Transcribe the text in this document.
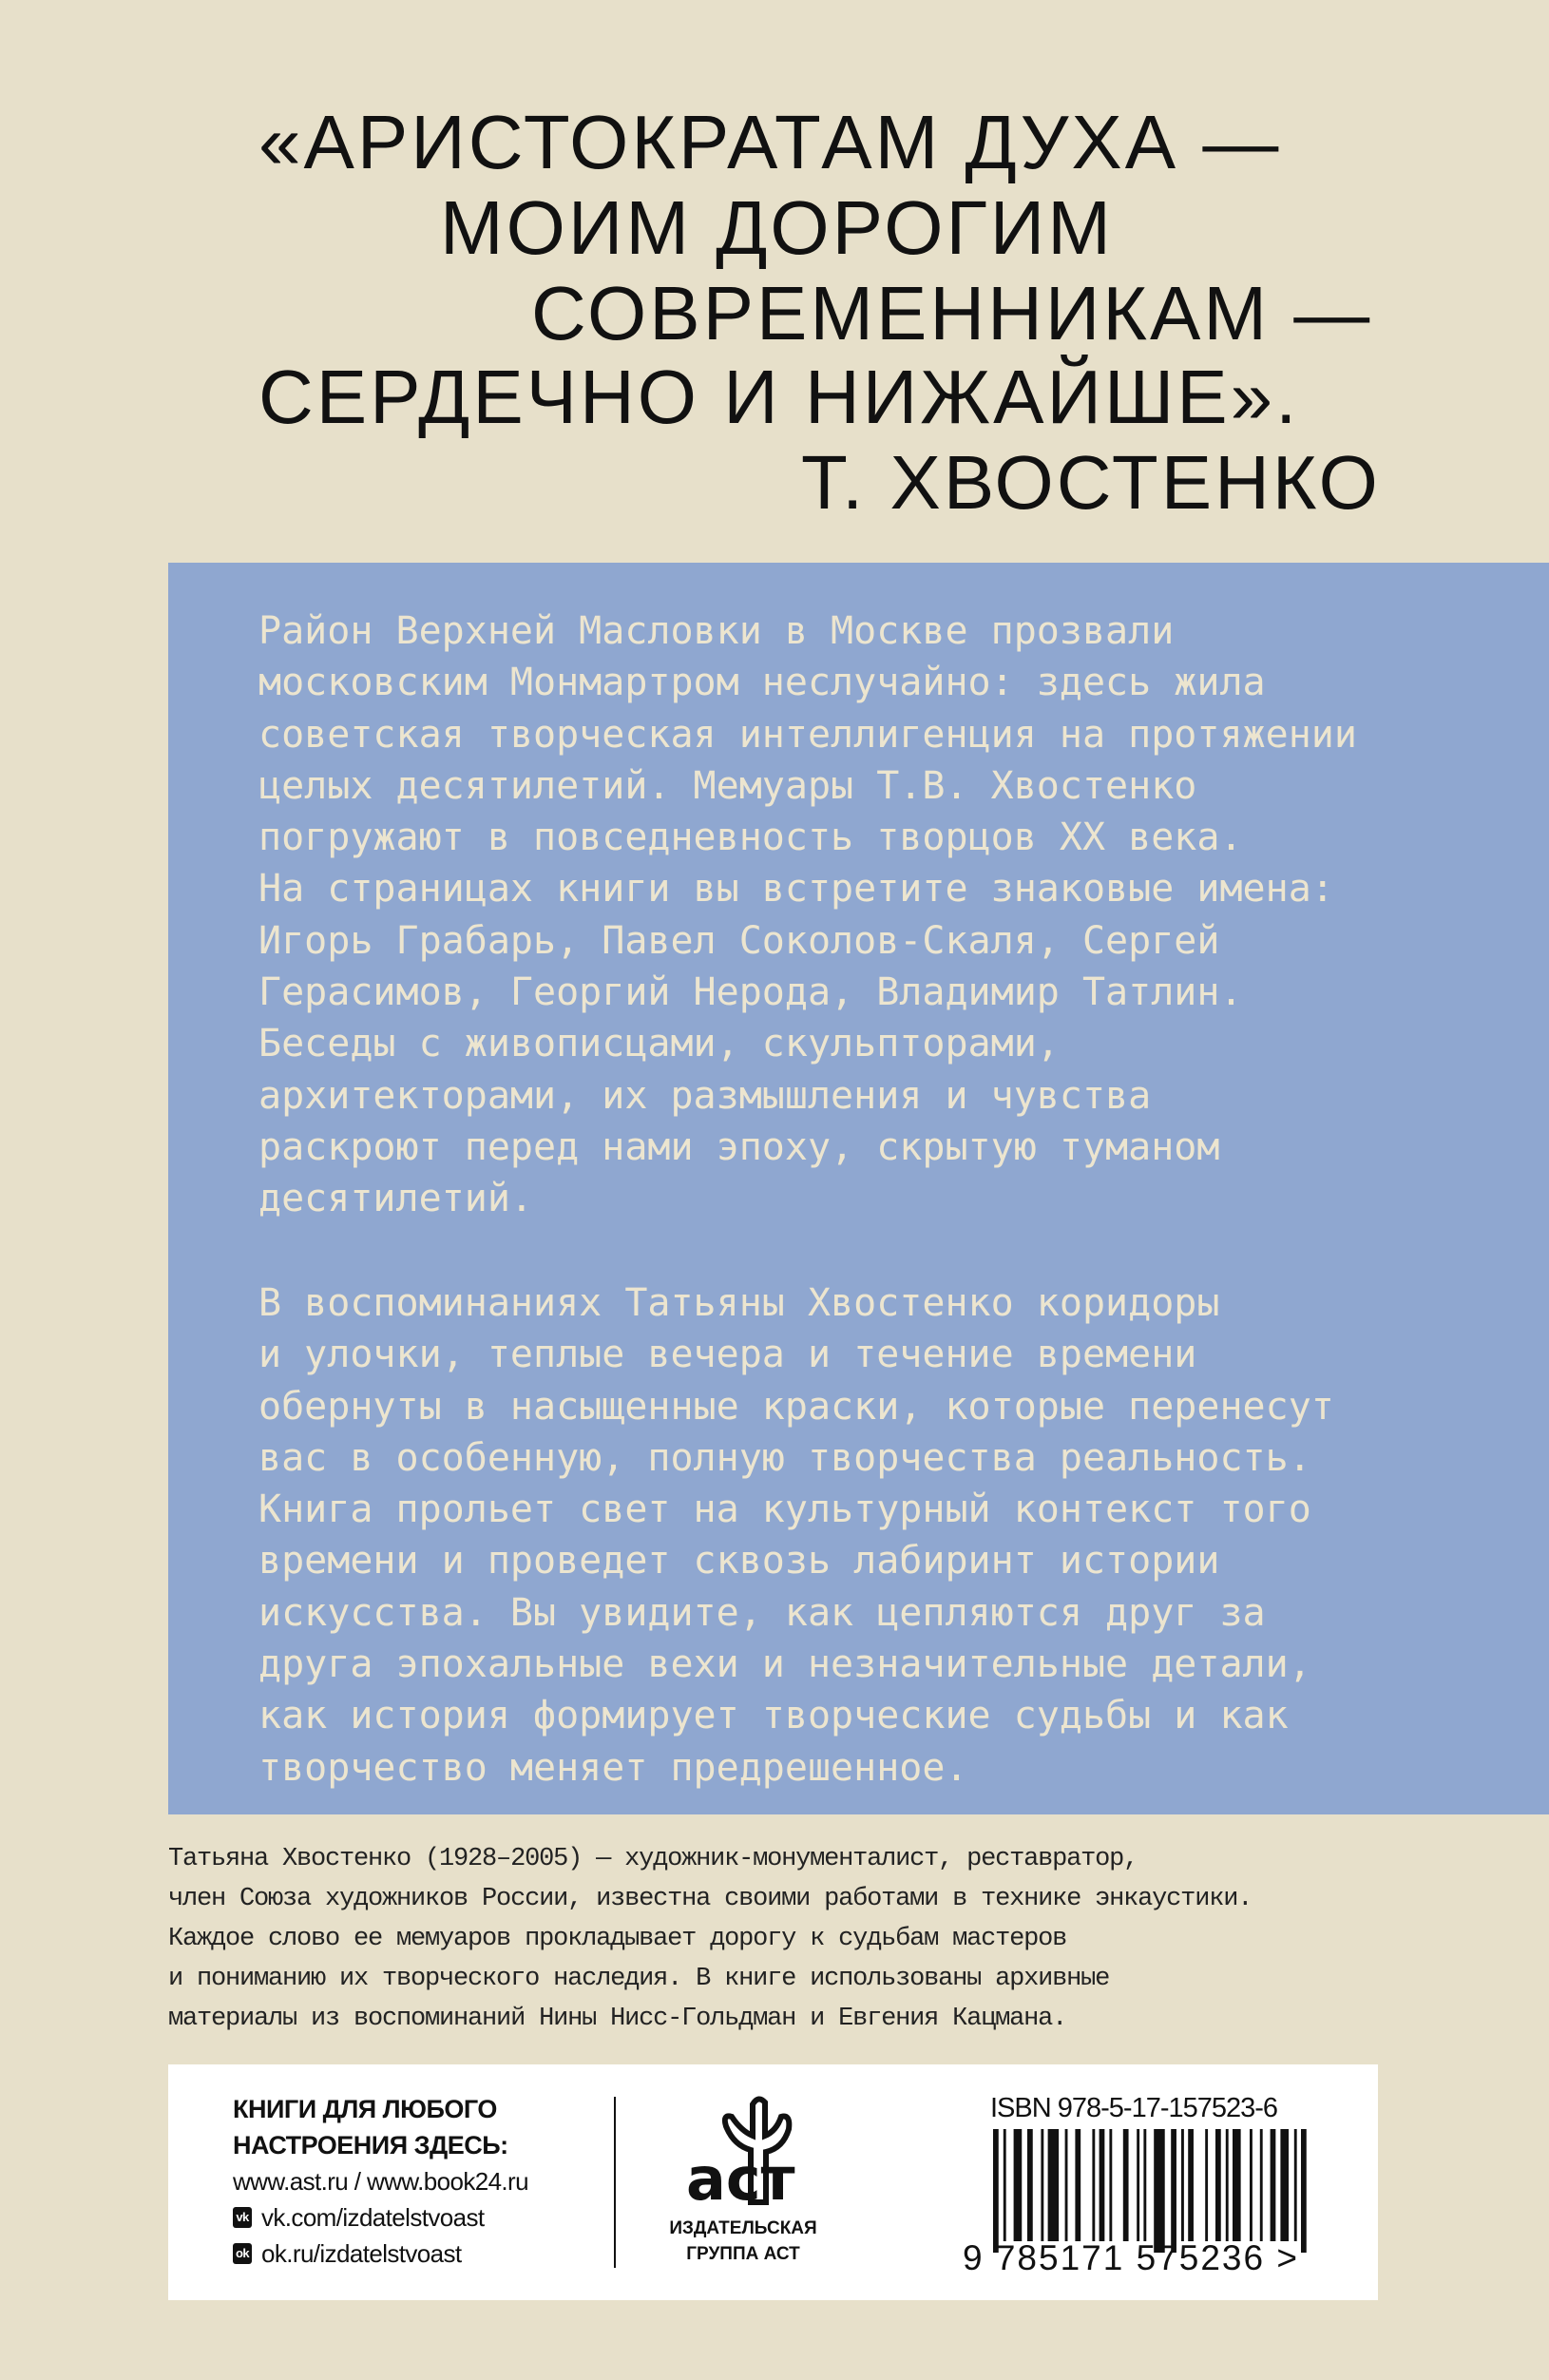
«АРИСТОКРАТАМ ДУХА —
МОИМ ДОРОГИМ
СОВРЕМЕННИКАМ —
СЕРДЕЧНО И НИЖАЙШЕ».
Т. ХВОСТЕНКО
Район Верхней Масловки в Москве прозвали
московским Монмартром неслучайно: здесь жила
советская творческая интеллигенция на протяжении
целых десятилетий. Мемуары Т.В. Хвостенко
погружают в повседневность творцов XX века.
На страницах книги вы встретите знаковые имена:
Игорь Грабарь, Павел Соколов-Скаля, Сергей
Герасимов, Георгий Нерода, Владимир Татлин.
Беседы с живописцами, скульпторами,
архитекторами, их размышления и чувства
раскроют перед нами эпоху, скрытую туманом
десятилетий.
В воспоминаниях Татьяны Хвостенко коридоры
и улочки, теплые вечера и течение времени
обернуты в насыщенные краски, которые перенесут
вас в особенную, полную творчества реальность.
Книга прольет свет на культурный контекст того
времени и проведет сквозь лабиринт истории
искусства. Вы увидите, как цепляются друг за
друга эпохальные вехи и незначительные детали,
как история формирует творческие судьбы и как
творчество меняет предрешенное.
Татьяна Хвостенко (1928–2005) — художник-монументалист, реставратор,
член Союза художников России, известна своими работами в технике энкаустики.
Каждое слово ее мемуаров прокладывает дорогу к судьбам мастеров
и пониманию их творческого наследия. В книге использованы архивные
материалы из воспоминаний Нины Нисс-Гольдман и Евгения Кацмана.
КНИГИ ДЛЯ ЛЮБОГО
НАСТРОЕНИЯ ЗДЕСЬ:
www.ast.ru / www.book24.ru
vk vk.com/izdatelstvoast
ok ok.ru/izdatelstvoast
аст
ИЗДАТЕЛЬСКАЯ
ГРУППА АСТ
ISBN 978-5-17-157523-6
9 785171 575236 >
